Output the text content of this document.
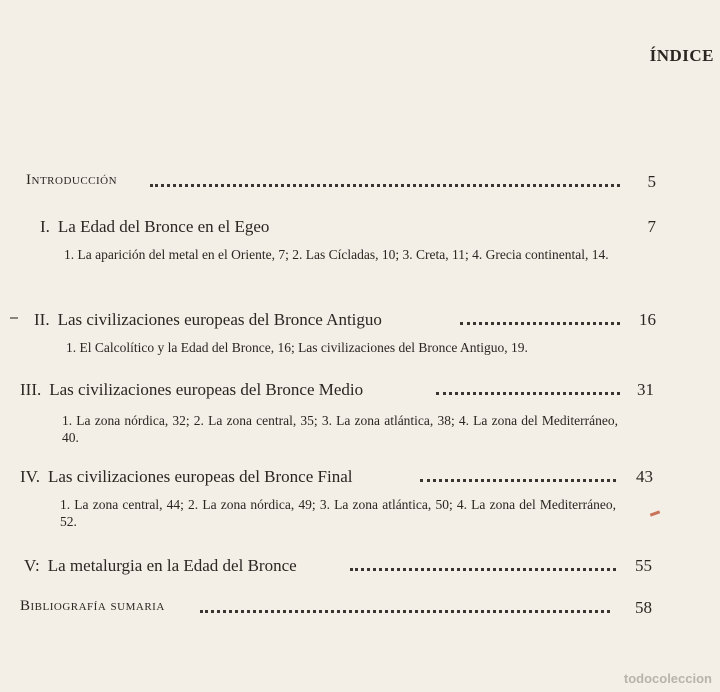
ÍNDICE
Introducción	5
I. La Edad del Bronce en el Egeo	7
1. La aparición del metal en el Oriente, 7; 2. Las Cícladas, 10; 3. Creta, 11; 4. Grecia continental, 14.
II. Las civilizaciones europeas del Bronce Antiguo	16
1. El Calcolítico y la Edad del Bronce, 16; Las civilizaciones del Bronce Antiguo, 19.
III. Las civilizaciones europeas del Bronce Medio	31
1. La zona nórdica, 32; 2. La zona central, 35; 3. La zona atlántica, 38; 4. La zona del Mediterráneo, 40.
IV. Las civilizaciones europeas del Bronce Final	43
1. La zona central, 44; 2. La zona nórdica, 49; 3. La zona atlántica, 50; 4. La zona del Mediterráneo, 52.
V: La metalurgia en la Edad del Bronce	55
Bibliografía sumaria	58
todocoleccion
